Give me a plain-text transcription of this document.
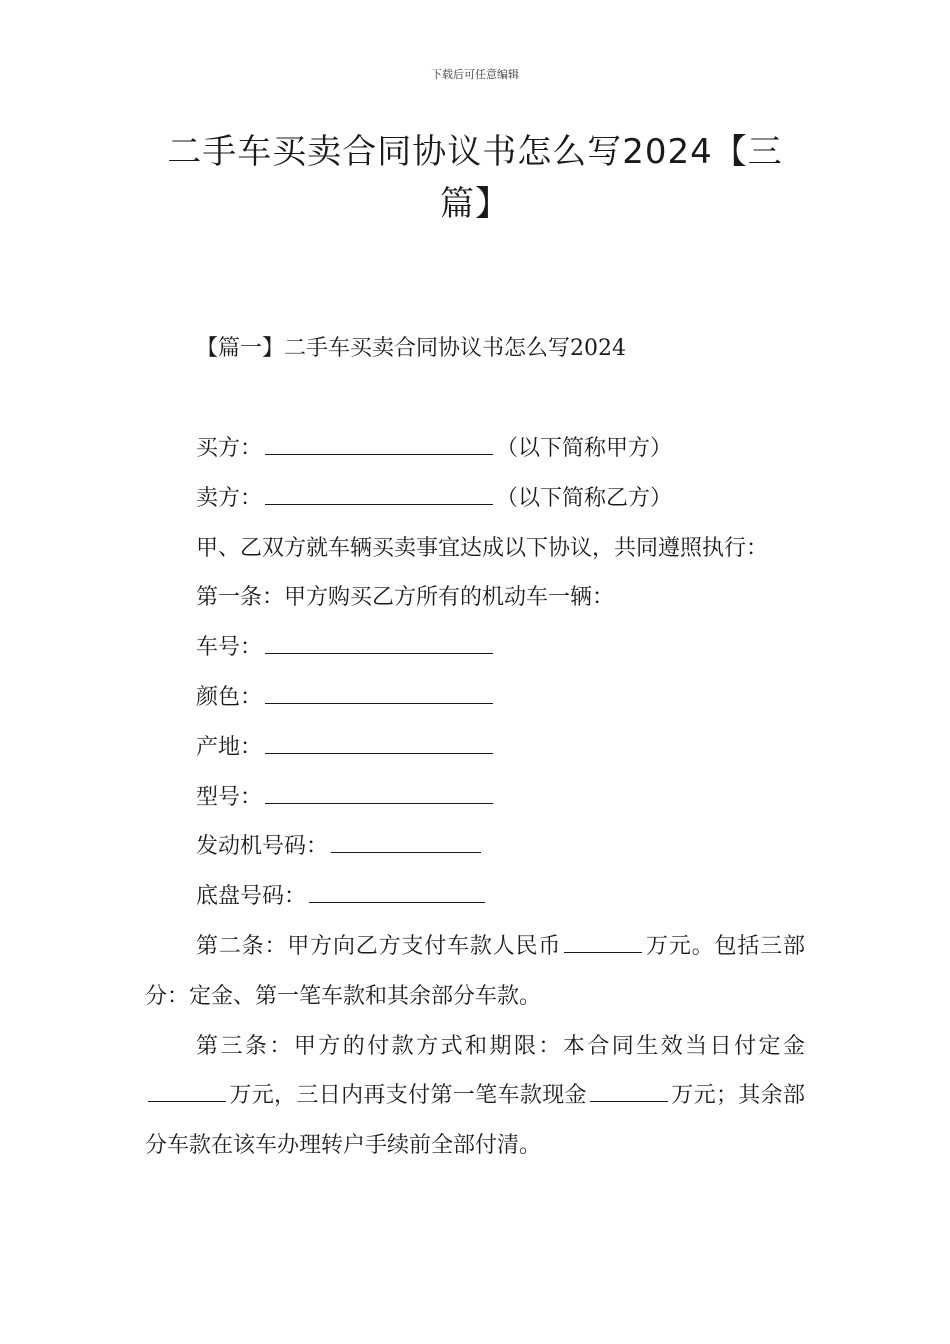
下载后可任意编辑
二手车买卖合同协议书怎么写2024【三篇】
【篇一】二手车买卖合同协议书怎么写2024

买方：	（以下简称甲方）

卖方：	（以下简称乙方）

甲、乙双方就车辆买卖事宜达成以下协议，共同遵照执行：

第一条：甲方购买乙方所有的机动车一辆：

车号：

颜色：

产地：

型号：

发动机号码：

底盘号码：

第二条：甲方向乙方支付车款人民币	万元。包括三部分：定金、第一笔车款和其余部分车款。

第三条：甲方的付款方式和期限：本合同生效当日付定金万元，三日内再支付第一笔车款现金	万元；其余部分车款在该车办理转户手续前全部付清。
